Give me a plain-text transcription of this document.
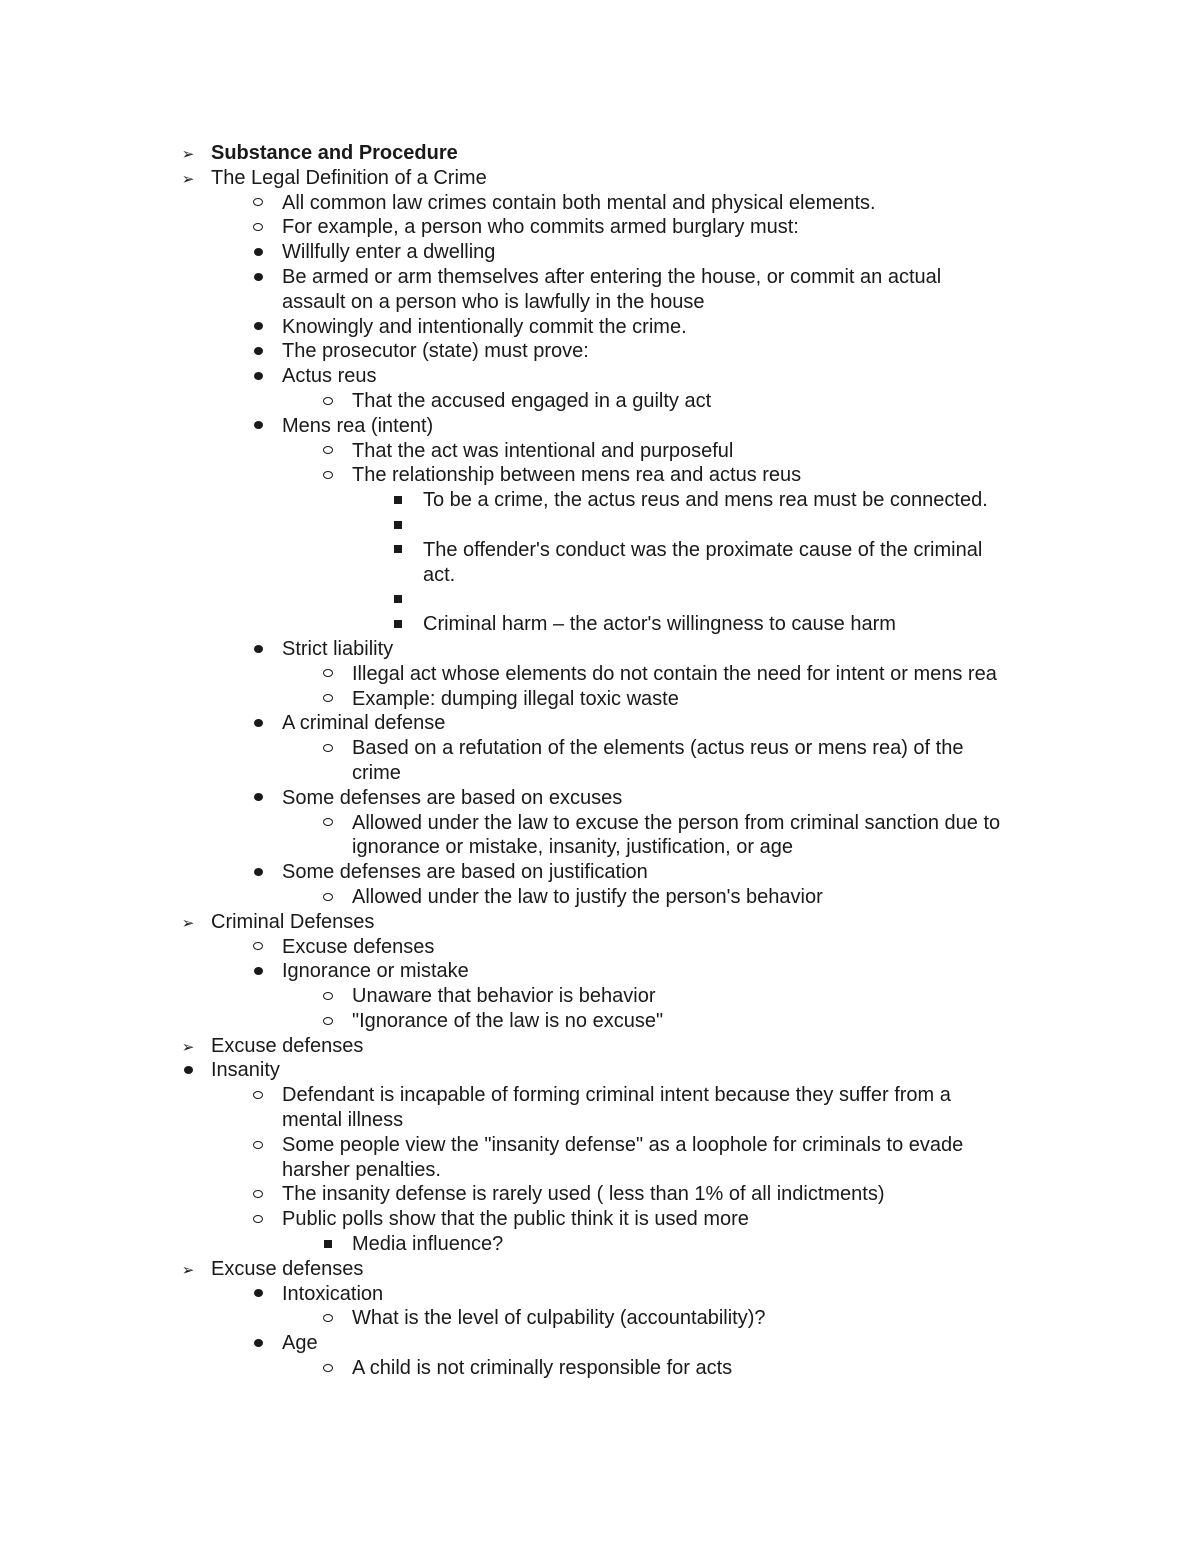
➢
Substance and Procedure
➢
The Legal Definition of a Crime
All common law crimes contain both mental and physical elements.
For example, a person who commits armed burglary must:
Willfully enter a dwelling
Be armed or arm themselves after entering the house, or commit an actual
assault on a person who is lawfully in the house
Knowingly and intentionally commit the crime.
The prosecutor (state) must prove:
Actus reus
That the accused engaged in a guilty act
Mens rea (intent)
That the act was intentional and purposeful
The relationship between mens rea and actus reus
To be a crime, the actus reus and mens rea must be connected.
The offender's conduct was the proximate cause of the criminal
act.
Criminal harm – the actor's willingness to cause harm
Strict liability
Illegal act whose elements do not contain the need for intent or mens rea
Example: dumping illegal toxic waste
A criminal defense
Based on a refutation of the elements (actus reus or mens rea) of the
crime
Some defenses are based on excuses
Allowed under the law to excuse the person from criminal sanction due to
ignorance or mistake, insanity, justification, or age
Some defenses are based on justification
Allowed under the law to justify the person's behavior
➢
Criminal Defenses
Excuse defenses
Ignorance or mistake
Unaware that behavior is behavior
"Ignorance of the law is no excuse"
➢
Excuse defenses
Insanity
Defendant is incapable of forming criminal intent because they suffer from a
mental illness
Some people view the "insanity defense" as a loophole for criminals to evade
harsher penalties.
The insanity defense is rarely used ( less than 1% of all indictments)
Public polls show that the public think it is used more
Media influence?
➢
Excuse defenses
Intoxication
What is the level of culpability (accountability)?
Age
A child is not criminally responsible for acts
